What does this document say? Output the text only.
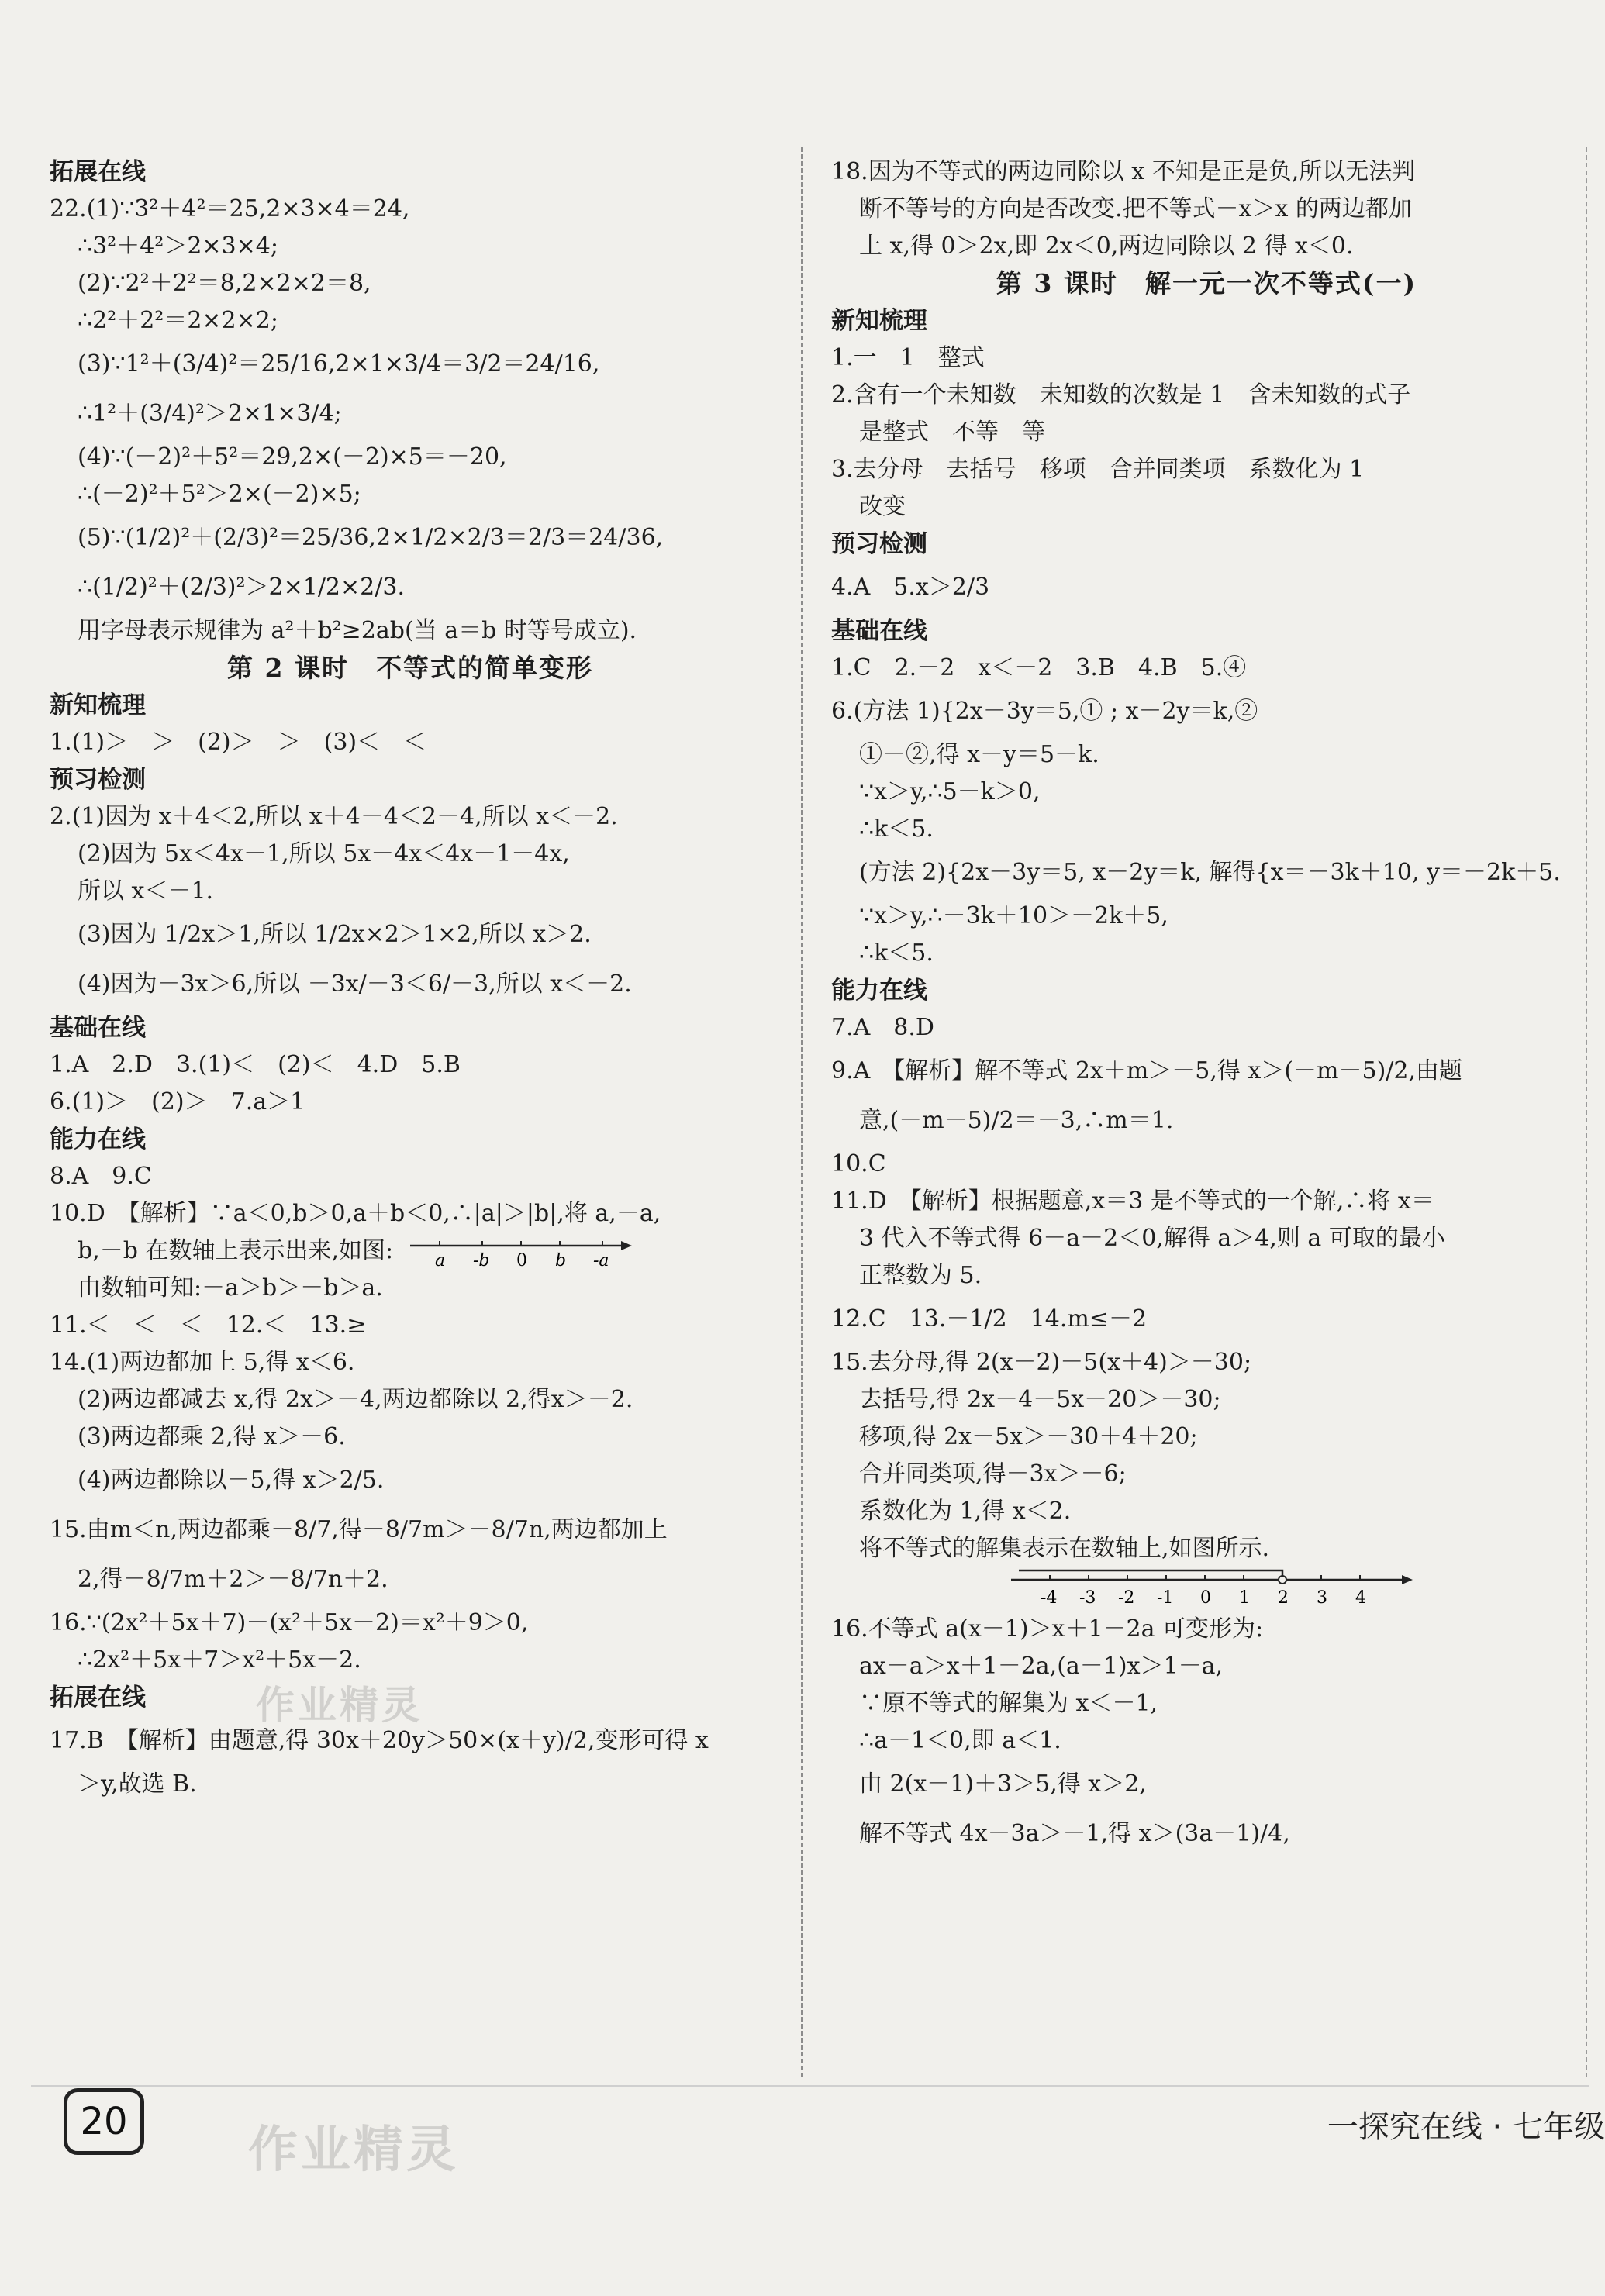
拓展在线
22.(1)∵3²＋4²＝25,2×3×4＝24,
∴3²＋4²＞2×3×4;
(2)∵2²＋2²＝8,2×2×2＝8,
∴2²＋2²＝2×2×2;
(3)∵1²＋(3/4)²＝25/16,2×1×3/4＝3/2＝24/16,
∴1²＋(3/4)²＞2×1×3/4;
(4)∵(－2)²＋5²＝29,2×(－2)×5＝－20,
∴(－2)²＋5²＞2×(－2)×5;
(5)∵(1/2)²＋(2/3)²＝25/36,2×1/2×2/3＝2/3＝24/36,
∴(1/2)²＋(2/3)²＞2×1/2×2/3.
用字母表示规律为 a²＋b²≥2ab(当 a＝b 时等号成立).
第 2 课时　不等式的简单变形
新知梳理
1.(1)＞　＞　(2)＞　＞　(3)＜　＜
预习检测
2.(1)因为 x＋4＜2,所以 x＋4－4＜2－4,所以 x＜－2.
(2)因为 5x＜4x－1,所以 5x－4x＜4x－1－4x,
所以 x＜－1.
(3)因为 1/2x＞1,所以 1/2x×2＞1×2,所以 x＞2.
(4)因为－3x＞6,所以 －3x/－3＜6/－3,所以 x＜－2.
基础在线
1.A　2.D　3.(1)＜　(2)＜　4.D　5.B
6.(1)＞　(2)＞　7.a＞1
能力在线
8.A　9.C
10.D　【解析】∵a＜0,b＞0,a＋b＜0,∴|a|＞|b|,将 a,－a,
b,－b 在数轴上表示出来,如图: a -b 0 b -a
由数轴可知:－a＞b＞－b＞a.
11.＜　＜　＜　12.＜　13.≥
14.(1)两边都加上 5,得 x＜6.
(2)两边都减去 x,得 2x＞－4,两边都除以 2,得x＞－2.
(3)两边都乘 2,得 x＞－6.
(4)两边都除以－5,得 x＞2/5.
15.由m＜n,两边都乘－8/7,得－8/7m＞－8/7n,两边都加上
2,得－8/7m＋2＞－8/7n＋2.
16.∵(2x²＋5x＋7)－(x²＋5x－2)＝x²＋9＞0,
∴2x²＋5x＋7＞x²＋5x－2.
拓展在线
17.B　【解析】由题意,得 30x＋20y＞50×(x＋y)/2,变形可得 x
＞y,故选 B.
18.因为不等式的两边同除以 x 不知是正是负,所以无法判
断不等号的方向是否改变.把不等式－x＞x 的两边都加
上 x,得 0＞2x,即 2x＜0,两边同除以 2 得 x＜0.
第 3 课时　解一元一次不等式(一)
新知梳理
1.一　1　整式
2.含有一个未知数　未知数的次数是 1　含未知数的式子
是整式　不等　等
3.去分母　去括号　移项　合并同类项　系数化为 1
改变
预习检测
4.A　5.x＞2/3
基础在线
1.C　2.－2　x＜－2　3.B　4.B　5.④
6.(方法 1){2x－3y＝5,① ; x－2y＝k,②
①－②,得 x－y＝5－k.
∵x＞y,∴5－k＞0,
∴k＜5.
(方法 2){2x－3y＝5, x－2y＝k, 解得{x＝－3k＋10, y＝－2k＋5.
∵x＞y,∴－3k＋10＞－2k＋5,
∴k＜5.
能力在线
7.A　8.D
9.A　【解析】解不等式 2x＋m＞－5,得 x＞(－m－5)/2,由题
意,(－m－5)/2＝－3,∴m＝1.
10.C
11.D　【解析】根据题意,x＝3 是不等式的一个解,∴将 x＝
3 代入不等式得 6－a－2＜0,解得 a＞4,则 a 可取的最小
正整数为 5.
12.C　13.－1/2　14.m≤－2
15.去分母,得 2(x－2)－5(x＋4)＞－30;
去括号,得 2x－4－5x－20＞－30;
移项,得 2x－5x＞－30＋4＋20;
合并同类项,得－3x＞－6;
系数化为 1,得 x＜2.
将不等式的解集表示在数轴上,如图所示.
-4 -3 -2 -1 0 1 2 3 4
16.不等式 a(x－1)＞x＋1－2a 可变形为:
ax－a＞x＋1－2a,(a－1)x＞1－a,
∵原不等式的解集为 x＜－1,
∴a－1＜0,即 a＜1.
由 2(x－1)＋3＞5,得 x＞2,
解不等式 4x－3a＞－1,得 x＞(3a－1)/4,
作业精灵
20	作业精灵	一探究在线 · 七年级
